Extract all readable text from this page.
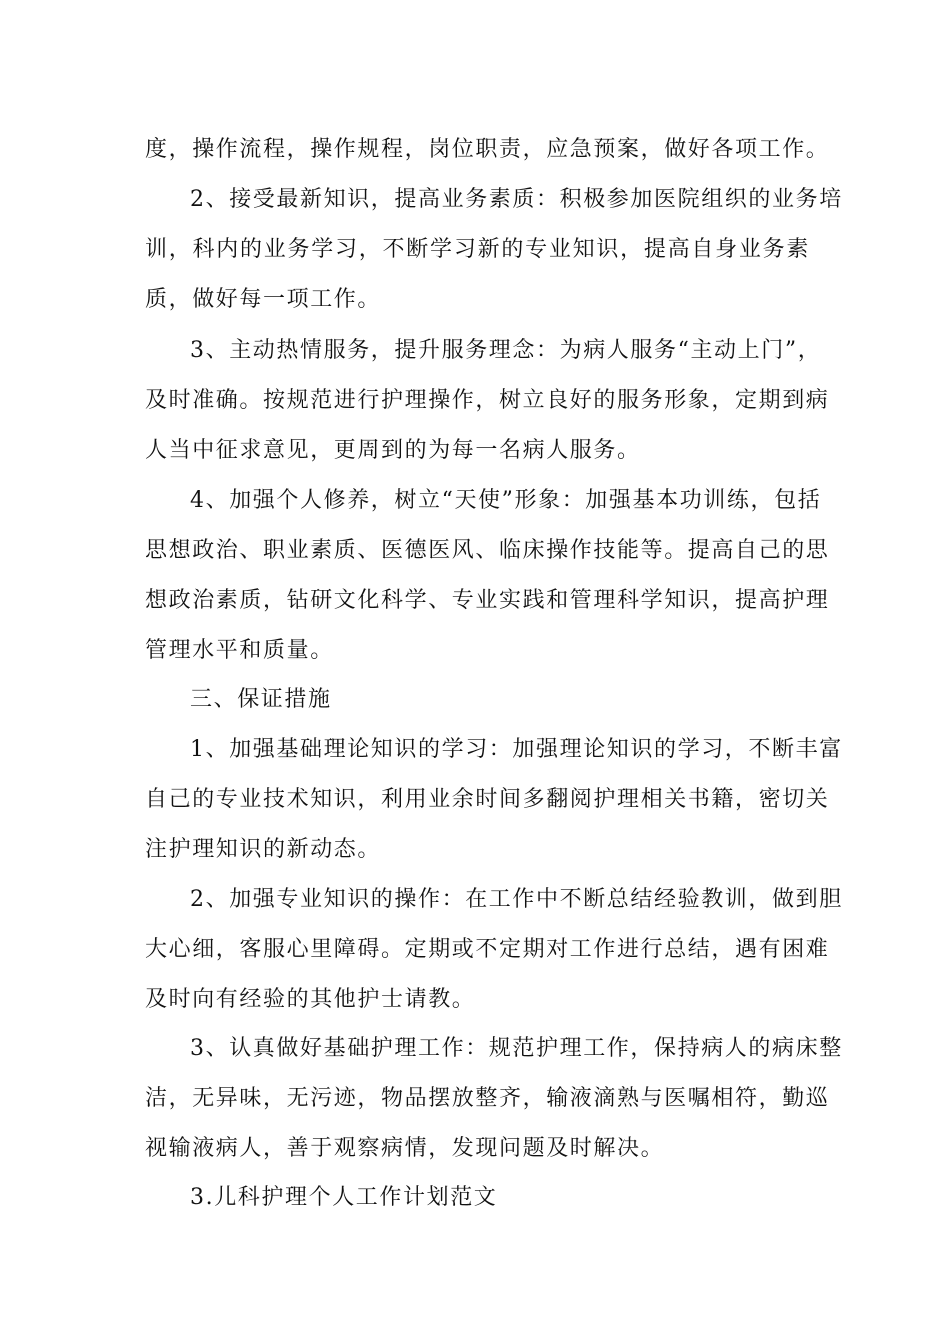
度，操作流程，操作规程，岗位职责，应急预案，做好各项工作。
2、接受最新知识，提高业务素质：积极参加医院组织的业务培
训，科内的业务学习，不断学习新的专业知识，提高自身业务素
质，做好每一项工作。
3、主动热情服务，提升服务理念：为病人服务“主动上门”，
及时准确。按规范进行护理操作，树立良好的服务形象，定期到病
人当中征求意见，更周到的为每一名病人服务。
4、加强个人修养，树立“天使”形象：加强基本功训练，包括
思想政治、职业素质、医德医风、临床操作技能等。提高自己的思
想政治素质，钻研文化科学、专业实践和管理科学知识，提高护理
管理水平和质量。
三、保证措施
1、加强基础理论知识的学习：加强理论知识的学习，不断丰富
自己的专业技术知识，利用业余时间多翻阅护理相关书籍，密切关
注护理知识的新动态。
2、加强专业知识的操作：在工作中不断总结经验教训，做到胆
大心细，客服心里障碍。定期或不定期对工作进行总结，遇有困难
及时向有经验的其他护士请教。
3、认真做好基础护理工作：规范护理工作，保持病人的病床整
洁，无异味，无污迹，物品摆放整齐，输液滴熟与医嘱相符，勤巡
视输液病人，善于观察病情，发现问题及时解决。
3.儿科护理个人工作计划范文
